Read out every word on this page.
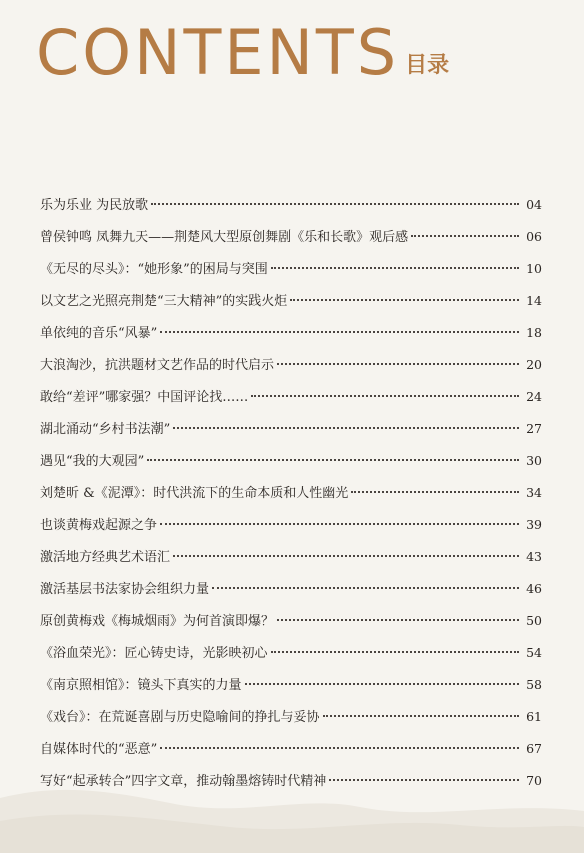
CONTENTS 目录
乐为乐业 为民放歌	04
曾侯钟鸣 凤舞九天——荆楚风大型原创舞剧《乐和长歌》观后感	06
《无尽的尽头》：“她形象”的困局与突围	10
以文艺之光照亮荆楚“三大精神”的实践火炬	14
单依纯的音乐“风暴”	18
大浪淘沙，抗洪题材文艺作品的时代启示	20
敢给“差评”哪家强？中国评论找……	24
湖北涌动“乡村书法潮”	27
遇见“我的大观园”	30
刘楚昕 &《泥潭》：时代洪流下的生命本质和人性幽光	34
也谈黄梅戏起源之争	39
激活地方经典艺术语汇	43
激活基层书法家协会组织力量	46
原创黄梅戏《梅城烟雨》为何首演即爆？	50
《浴血荣光》：匠心铸史诗，光影映初心	54
《南京照相馆》：镜头下真实的力量	58
《戏台》：在荒诞喜剧与历史隐喻间的挣扎与妥协	61
自媒体时代的“恶意”	67
写好“起承转合”四字文章，推动翰墨熔铸时代精神	70
